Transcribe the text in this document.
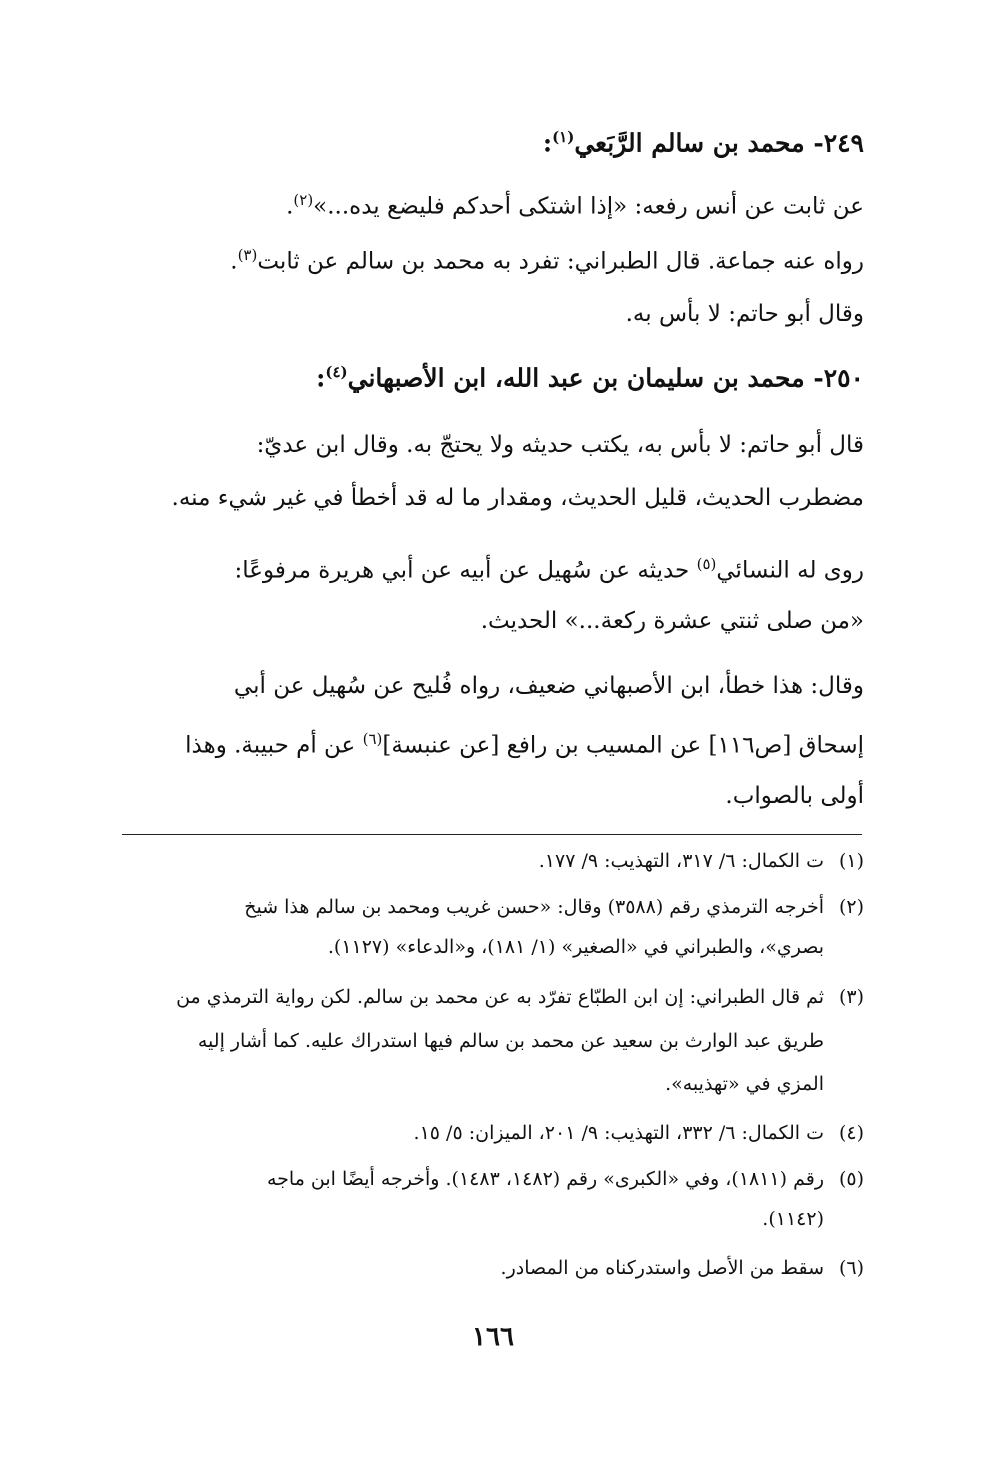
٢٤٩- محمد بن سالم الرَّبَعي$^{(١)}$:
عن ثابت عن أنس رفعه: «إذا اشتكى أحدكم فليضع يده...»$^{(٢)}$.
رواه عنه جماعة. قال الطبراني: تفرد به محمد بن سالم عن ثابت$^{(٣)}$.
وقال أبو حاتم: لا بأس به.
٢٥٠- محمد بن سليمان بن عبد الله، ابن الأصبهاني$^{(٤)}$:
قال أبو حاتم: لا بأس به، يكتب حديثه ولا يحتجّ به. وقال ابن عديّ:
مضطرب الحديث، قليل الحديث، ومقدار ما له قد أخطأ في غير شيء منه.
روى له النسائي$^{(٥)}$ حديثه عن سُهيل عن أبيه عن أبي هريرة مرفوعًا:
«من صلى ثنتي عشرة ركعة...» الحديث.
وقال: هذا خطأ، ابن الأصبهاني ضعيف، رواه فُليح عن سُهيل عن أبي
إسحاق [ص١١٦] عن المسيب بن رافع [عن عنبسة]$^{(٦)}$ عن أم حبيبة. وهذا
أولى بالصواب.
(١)ت الكمال: ٦/ ٣١٧، التهذيب: ٩/ ١٧٧.
(٢)أخرجه الترمذي رقم (٣٥٨٨) وقال: «حسن غريب ومحمد بن سالم هذا شيخ
بصري»، والطبراني في «الصغير» (١/ ١٨١)، و«الدعاء» (١١٢٧).
(٣)ثم قال الطبراني: إن ابن الطبّاع تفرّد به عن محمد بن سالم. لكن رواية الترمذي من
طريق عبد الوارث بن سعيد عن محمد بن سالم فيها استدراك عليه. كما أشار إليه
المزي في «تهذيبه».
(٤)ت الكمال: ٦/ ٣٣٢، التهذيب: ٩/ ٢٠١، الميزان: ٥/ ١٥.
(٥)رقم (١٨١١)، وفي «الكبرى» رقم (١٤٨٢، ١٤٨٣). وأخرجه أيضًا ابن ماجه
(١١٤٢).
(٦)سقط من الأصل واستدركناه من المصادر.
١٦٦
